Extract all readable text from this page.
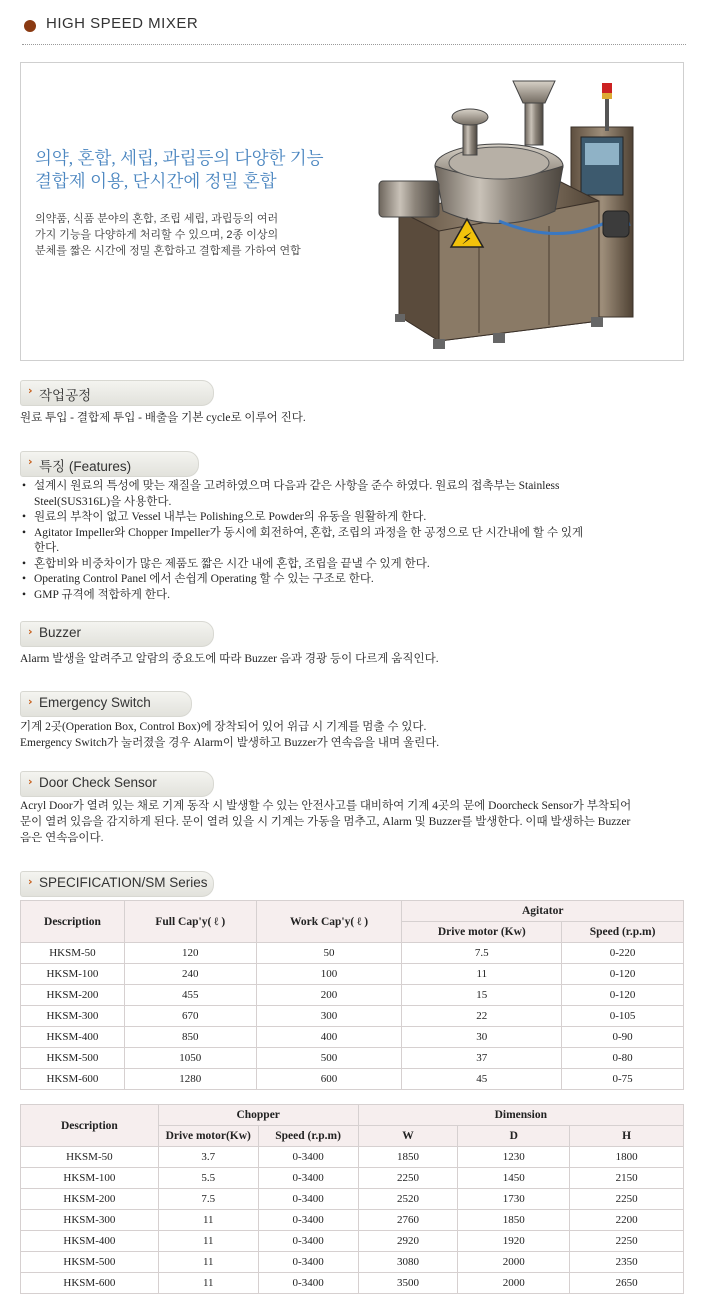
HIGH SPEED MIXER
의약, 혼합, 세립, 과립등의 다양한 기능
결합제 이용, 단시간에 정밀 혼합
의약품, 식품 분야의 혼합, 조립 세립, 과립등의 여러
가지 기능을 다양하게 처리할 수 있으며, 2종 이상의
분체를 짧은 시간에 정밀 혼합하고 결합제를 가하여 연합
⚡
› 작업공정
원료 투입 - 결합제 투입 - 배출을 기본 cycle로 이루어 진다.
› 특징 (Features)
• 설계시 원료의 특성에 맞는 재질을 고려하였으며 다음과 같은 사항을 준수 하였다. 원료의 접촉부는 Stainless
Steel(SUS316L)을 사용한다.
• 원료의 부착이 없고 Vessel 내부는 Polishing으로 Powder의 유동을 원활하게 한다.
• Agitator Impeller와 Chopper Impeller가 동시에 회전하여, 혼합, 조립의 과정을 한 공정으로 단 시간내에 할 수 있게
한다.
• 혼합비와 비중차이가 많은 제품도 짧은 시간 내에 혼합, 조립을 끝낼 수 있게 한다.
• Operating Control Panel 에서 손쉽게 Operating 할 수 있는 구조로 한다.
• GMP 규격에 적합하게 한다.
› Buzzer
Alarm 발생을 알려주고 알람의 중요도에 따라 Buzzer 음과 경광 등이 다르게 움직인다.
› Emergency Switch
기계 2곳(Operation Box, Control Box)에 장착되어 있어 위급 시 기계를 멈출 수 있다.
Emergency Switch가 눌러졌을 경우 Alarm이 발생하고 Buzzer가 연속음을 내며 울린다.
› Door Check Sensor
Acryl Door가 열려 있는 채로 기계 동작 시 발생할 수 있는 안전사고를 대비하여 기계 4곳의 문에 Doorcheck Sensor가 부착되어
문이 열려 있음을 감지하게 된다. 문이 열려 있을 시 기계는 가동을 멈추고, Alarm 및 Buzzer를 발생한다. 이때 발생하는 Buzzer
음은 연속음이다.
› SPECIFICATION/SM Series
Description	Full Cap'y( ℓ )	Work Cap'y( ℓ )	Agitator	
			Drive motor (Kw)	Speed (r.p.m)
HKSM-50	120	50	7.5	0-220
HKSM-100	240	100	11	0-120
HKSM-200	455	200	15	0-120
HKSM-300	670	300	22	0-105
HKSM-400	850	400	30	0-90
HKSM-500	1050	500	37	0-80
HKSM-600	1280	600	45	0-75
Description	Chopper		Dimension		
	Drive motor(Kw)	Speed (r.p.m)	W	D	H
HKSM-50	3.7	0-3400	1850	1230	1800
HKSM-100	5.5	0-3400	2250	1450	2150
HKSM-200	7.5	0-3400	2520	1730	2250
HKSM-300	11	0-3400	2760	1850	2200
HKSM-400	11	0-3400	2920	1920	2250
HKSM-500	11	0-3400	3080	2000	2350
HKSM-600	11	0-3400	3500	2000	2650
